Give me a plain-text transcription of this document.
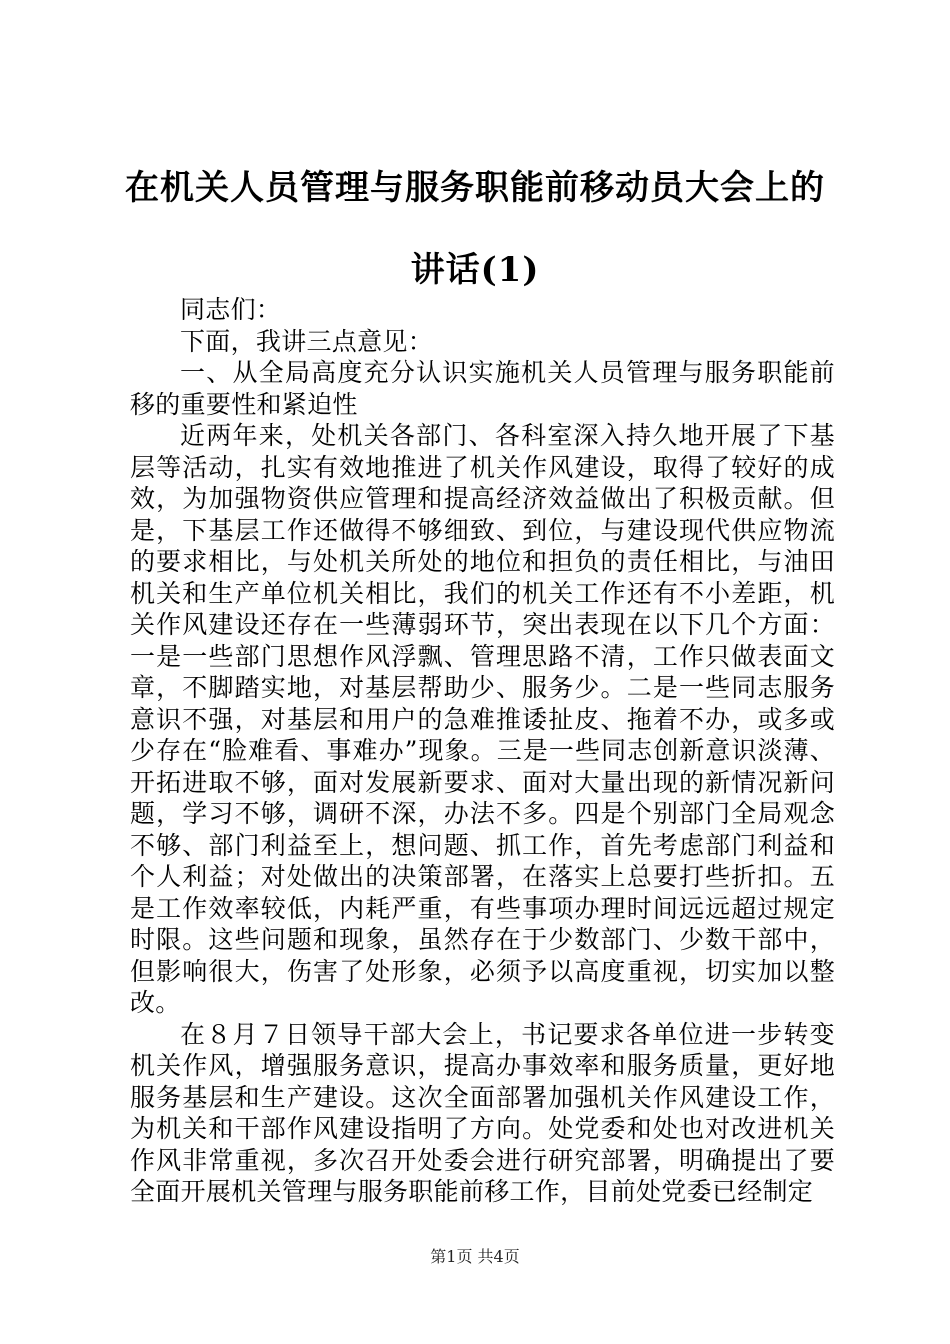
在机关人员管理与服务职能前移动员大会上的
讲话(1)

同志们：

下面，我讲三点意见：

一、从全局高度充分认识实施机关人员管理与服务职能前移的重要性和紧迫性

近两年来，处机关各部门、各科室深入持久地开展了下基层等活动，扎实有效地推进了机关作风建设，取得了较好的成效，为加强物资供应管理和提高经济效益做出了积极贡献。但是，下基层工作还做得不够细致、到位，与建设现代供应物流的要求相比，与处机关所处的地位和担负的责任相比，与油田机关和生产单位机关相比，我们的机关工作还有不小差距，机关作风建设还存在一些薄弱环节，突出表现在以下几个方面：一是一些部门思想作风浮飘、管理思路不清，工作只做表面文章，不脚踏实地，对基层帮助少、服务少。二是一些同志服务意识不强，对基层和用户的急难推诿扯皮、拖着不办，或多或少存在“脸难看、事难办”现象。三是一些同志创新意识淡薄、开拓进取不够，面对发展新要求、面对大量出现的新情况新问题，学习不够，调研不深，办法不多。四是个别部门全局观念不够、部门利益至上，想问题、抓工作，首先考虑部门利益和个人利益；对处做出的决策部署，在落实上总要打些折扣。五是工作效率较低，内耗严重，有些事项办理时间远远超过规定时限。这些问题和现象，虽然存在于少数部门、少数干部中，但影响很大，伤害了处形象，必须予以高度重视，切实加以整改。

在８月７日领导干部大会上，书记要求各单位进一步转变机关作风，增强服务意识，提高办事效率和服务质量，更好地服务基层和生产建设。这次全面部署加强机关作风建设工作，为机关和干部作风建设指明了方向。处党委和处也对改进机关作风非常重视，多次召开处委会进行研究部署，明确提出了要全面开展机关管理与服务职能前移工作，目前处党委已经制定

第1页 共4页
